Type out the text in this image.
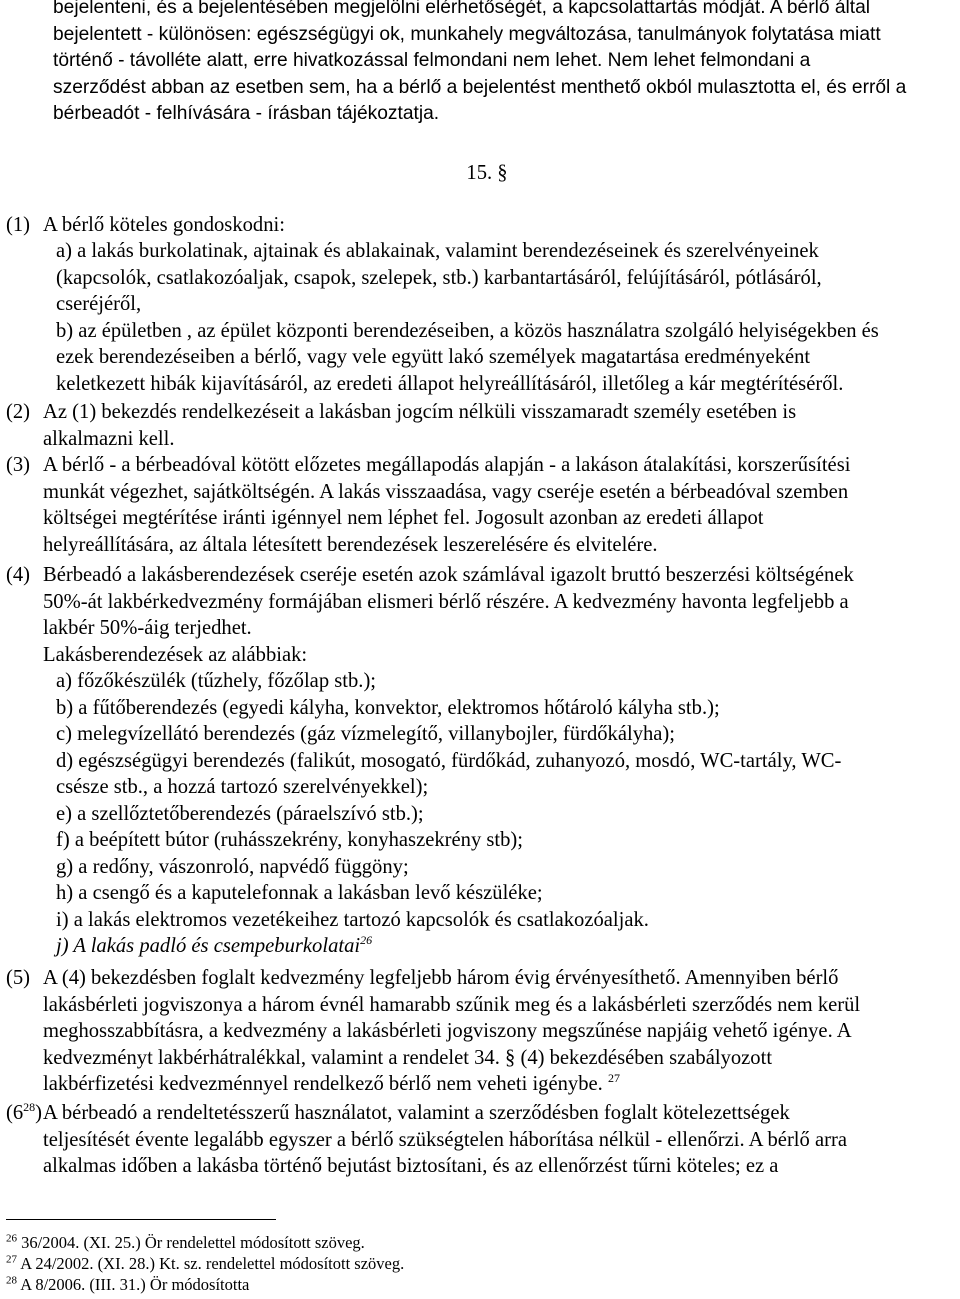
bejelenteni, és a bejelentésében megjelölni elérhetőségét, a kapcsolattartás módját. A bérlő által
bejelentett - különösen: egészségügyi ok, munkahely megváltozása, tanulmányok folytatása miatt
történő - távolléte alatt, erre hivatkozással felmondani nem lehet. Nem lehet felmondani a
szerződést abban az esetben sem, ha a bérlő a bejelentést menthető okból mulasztotta el, és erről a
bérbeadót - felhívására - írásban tájékoztatja.
15. §
(1) A bérlő köteles gondoskodni:
a) a lakás burkolatinak, ajtainak és ablakainak, valamint berendezéseinek és szerelvényeinek
(kapcsolók, csatlakozóaljak, csapok, szelepek, stb.) karbantartásáról, felújításáról, pótlásáról,
cseréjéről,
b) az épületben , az épület központi berendezéseiben, a közös használatra szolgáló helyiségekben és
ezek berendezéseiben a bérlő, vagy vele együtt lakó személyek magatartása eredményeként
keletkezett hibák kijavításáról, az eredeti állapot helyreállításáról, illetőleg a kár megtérítéséről.
(2) Az (1) bekezdés rendelkezéseit a lakásban jogcím nélküli visszamaradt személy esetében is
alkalmazni kell.
(3) A bérlő - a bérbeadóval kötött előzetes megállapodás alapján - a lakáson átalakítási, korszerűsítési
munkát végezhet, sajátköltségén. A lakás visszaadása, vagy cseréje esetén a bérbeadóval szemben
költségei megtérítése iránti igénnyel nem léphet fel. Jogosult azonban az eredeti állapot
helyreállítására, az általa létesített berendezések leszerelésére és elvitelére.
(4) Bérbeadó a lakásberendezések cseréje esetén azok számlával igazolt bruttó beszerzési költségének
50%-át lakbérkedvezmény formájában elismeri bérlő részére. A kedvezmény havonta legfeljebb a
lakbér 50%-áig terjedhet.
Lakásberendezések az alábbiak:
a) főzőkészülék (tűzhely, főzőlap stb.);
b) a fűtőberendezés (egyedi kályha, konvektor, elektromos hőtároló kályha stb.);
c) melegvízellátó berendezés (gáz vízmelegítő, villanybojler, fürdőkályha);
d) egészségügyi berendezés (falikút, mosogató, fürdőkád, zuhanyozó, mosdó, WC-tartály, WC-
csésze stb., a hozzá tartozó szerelvényekkel);
e) a szellőztetőberendezés (páraelszívó stb.);
f) a beépített bútor (ruhásszekrény, konyhaszekrény stb);
g) a redőny, vászonroló, napvédő függöny;
h) a csengő és a kaputelefonnak a lakásban levő készüléke;
i) a lakás elektromos vezetékeihez tartozó kapcsolók és csatlakozóaljak.
j) A lakás padló és csempeburkolatai$^{26}$
(5) A (4) bekezdésben foglalt kedvezmény legfeljebb három évig érvényesíthető. Amennyiben bérlő
lakásbérleti jogviszonya a három évnél hamarabb szűnik meg és a lakásbérleti szerződés nem kerül
meghosszabbításra, a kedvezmény a lakásbérleti jogviszony megszűnése napjáig vehető igénye. A
kedvezményt lakbérhátralékkal, valamint a rendelet 34. § (4) bekezdésében szabályozott
lakbérfizetési kedvezménnyel rendelkező bérlő nem veheti igénybe. $^{27}$
$(6^{28})$ A bérbeadó a rendeltetésszerű használatot, valamint a szerződésben foglalt kötelezettségek
teljesítését évente legalább egyszer a bérlő szükségtelen háborítása nélkül - ellenőrzi. A bérlő arra
alkalmas időben a lakásba történő bejutást biztosítani, és az ellenőrzést tűrni köteles; ez a
$^{26}$ 36/2004. (XI. 25.) Ör rendelettel módosított szöveg.
$^{27}$ A 24/2002. (XI. 28.) Kt. sz. rendelettel módosított szöveg.
$^{28}$ A 8/2006. (III. 31.) Ör módosította
